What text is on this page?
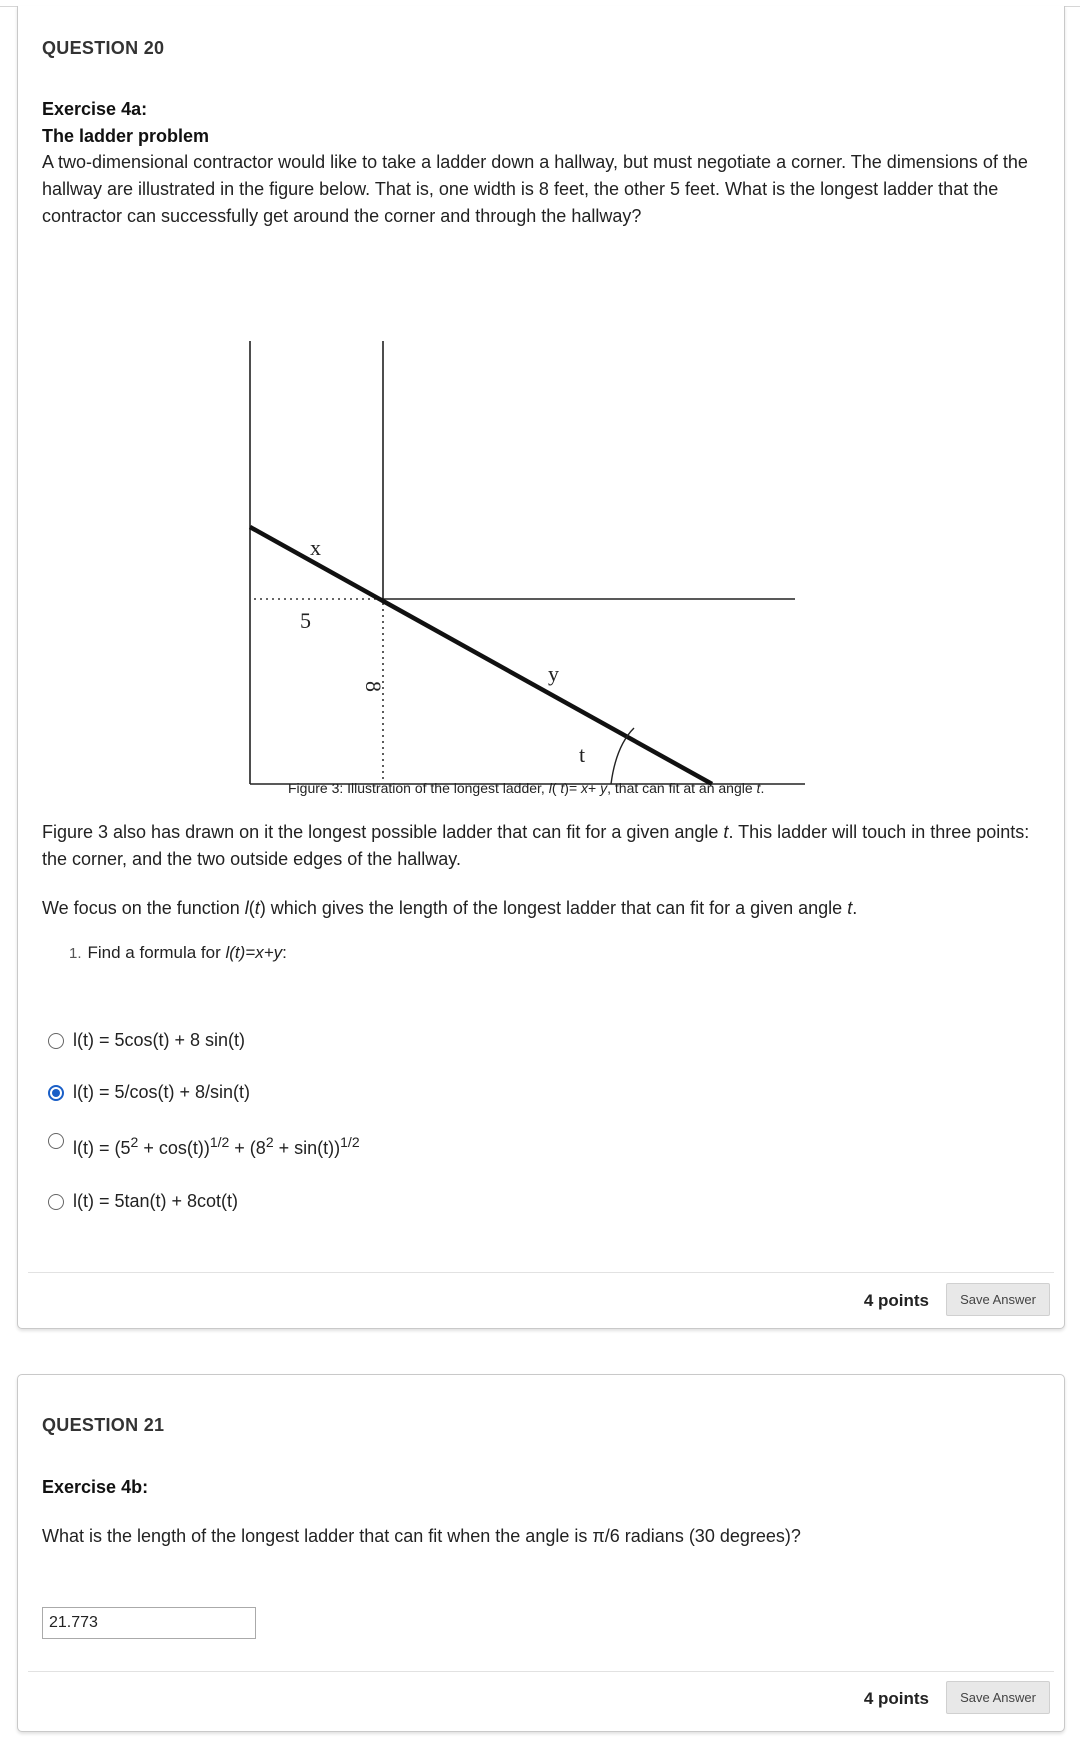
QUESTION 20
Exercise 4a:
The ladder problem
A two-dimensional contractor would like to take a ladder down a hallway, but must negotiate a corner. The dimensions of the hallway are illustrated in the figure below. That is, one width is 8 feet, the other 5 feet. What is the longest ladder that the contractor can successfully get around the corner and through the hallway?
x
5
8
y
t
Figure 3: Illustration of the longest ladder, l( t)= x+ y, that can fit at an angle t.
Figure 3 also has drawn on it the longest possible ladder that can fit for a given angle t. This ladder will touch in three points: the corner, and the two outside edges of the hallway.
We focus on the function l(t) which gives the length of the longest ladder that can fit for a given angle t.
1. Find a formula for l(t)=x+y:
l(t) = 5cos(t) + 8 sin(t)
l(t) = 5/cos(t) + 8/sin(t)
$l(t) = (5^2 + \cos(t))^{1/2} + (8^2 + \sin(t))^{1/2}$
l(t) = 5tan(t) + 8cot(t)
4 points	Save Answer
QUESTION 21
Exercise 4b:
What is the length of the longest ladder that can fit when the angle is π/6 radians (30 degrees)?
21.773
4 points	Save Answer
